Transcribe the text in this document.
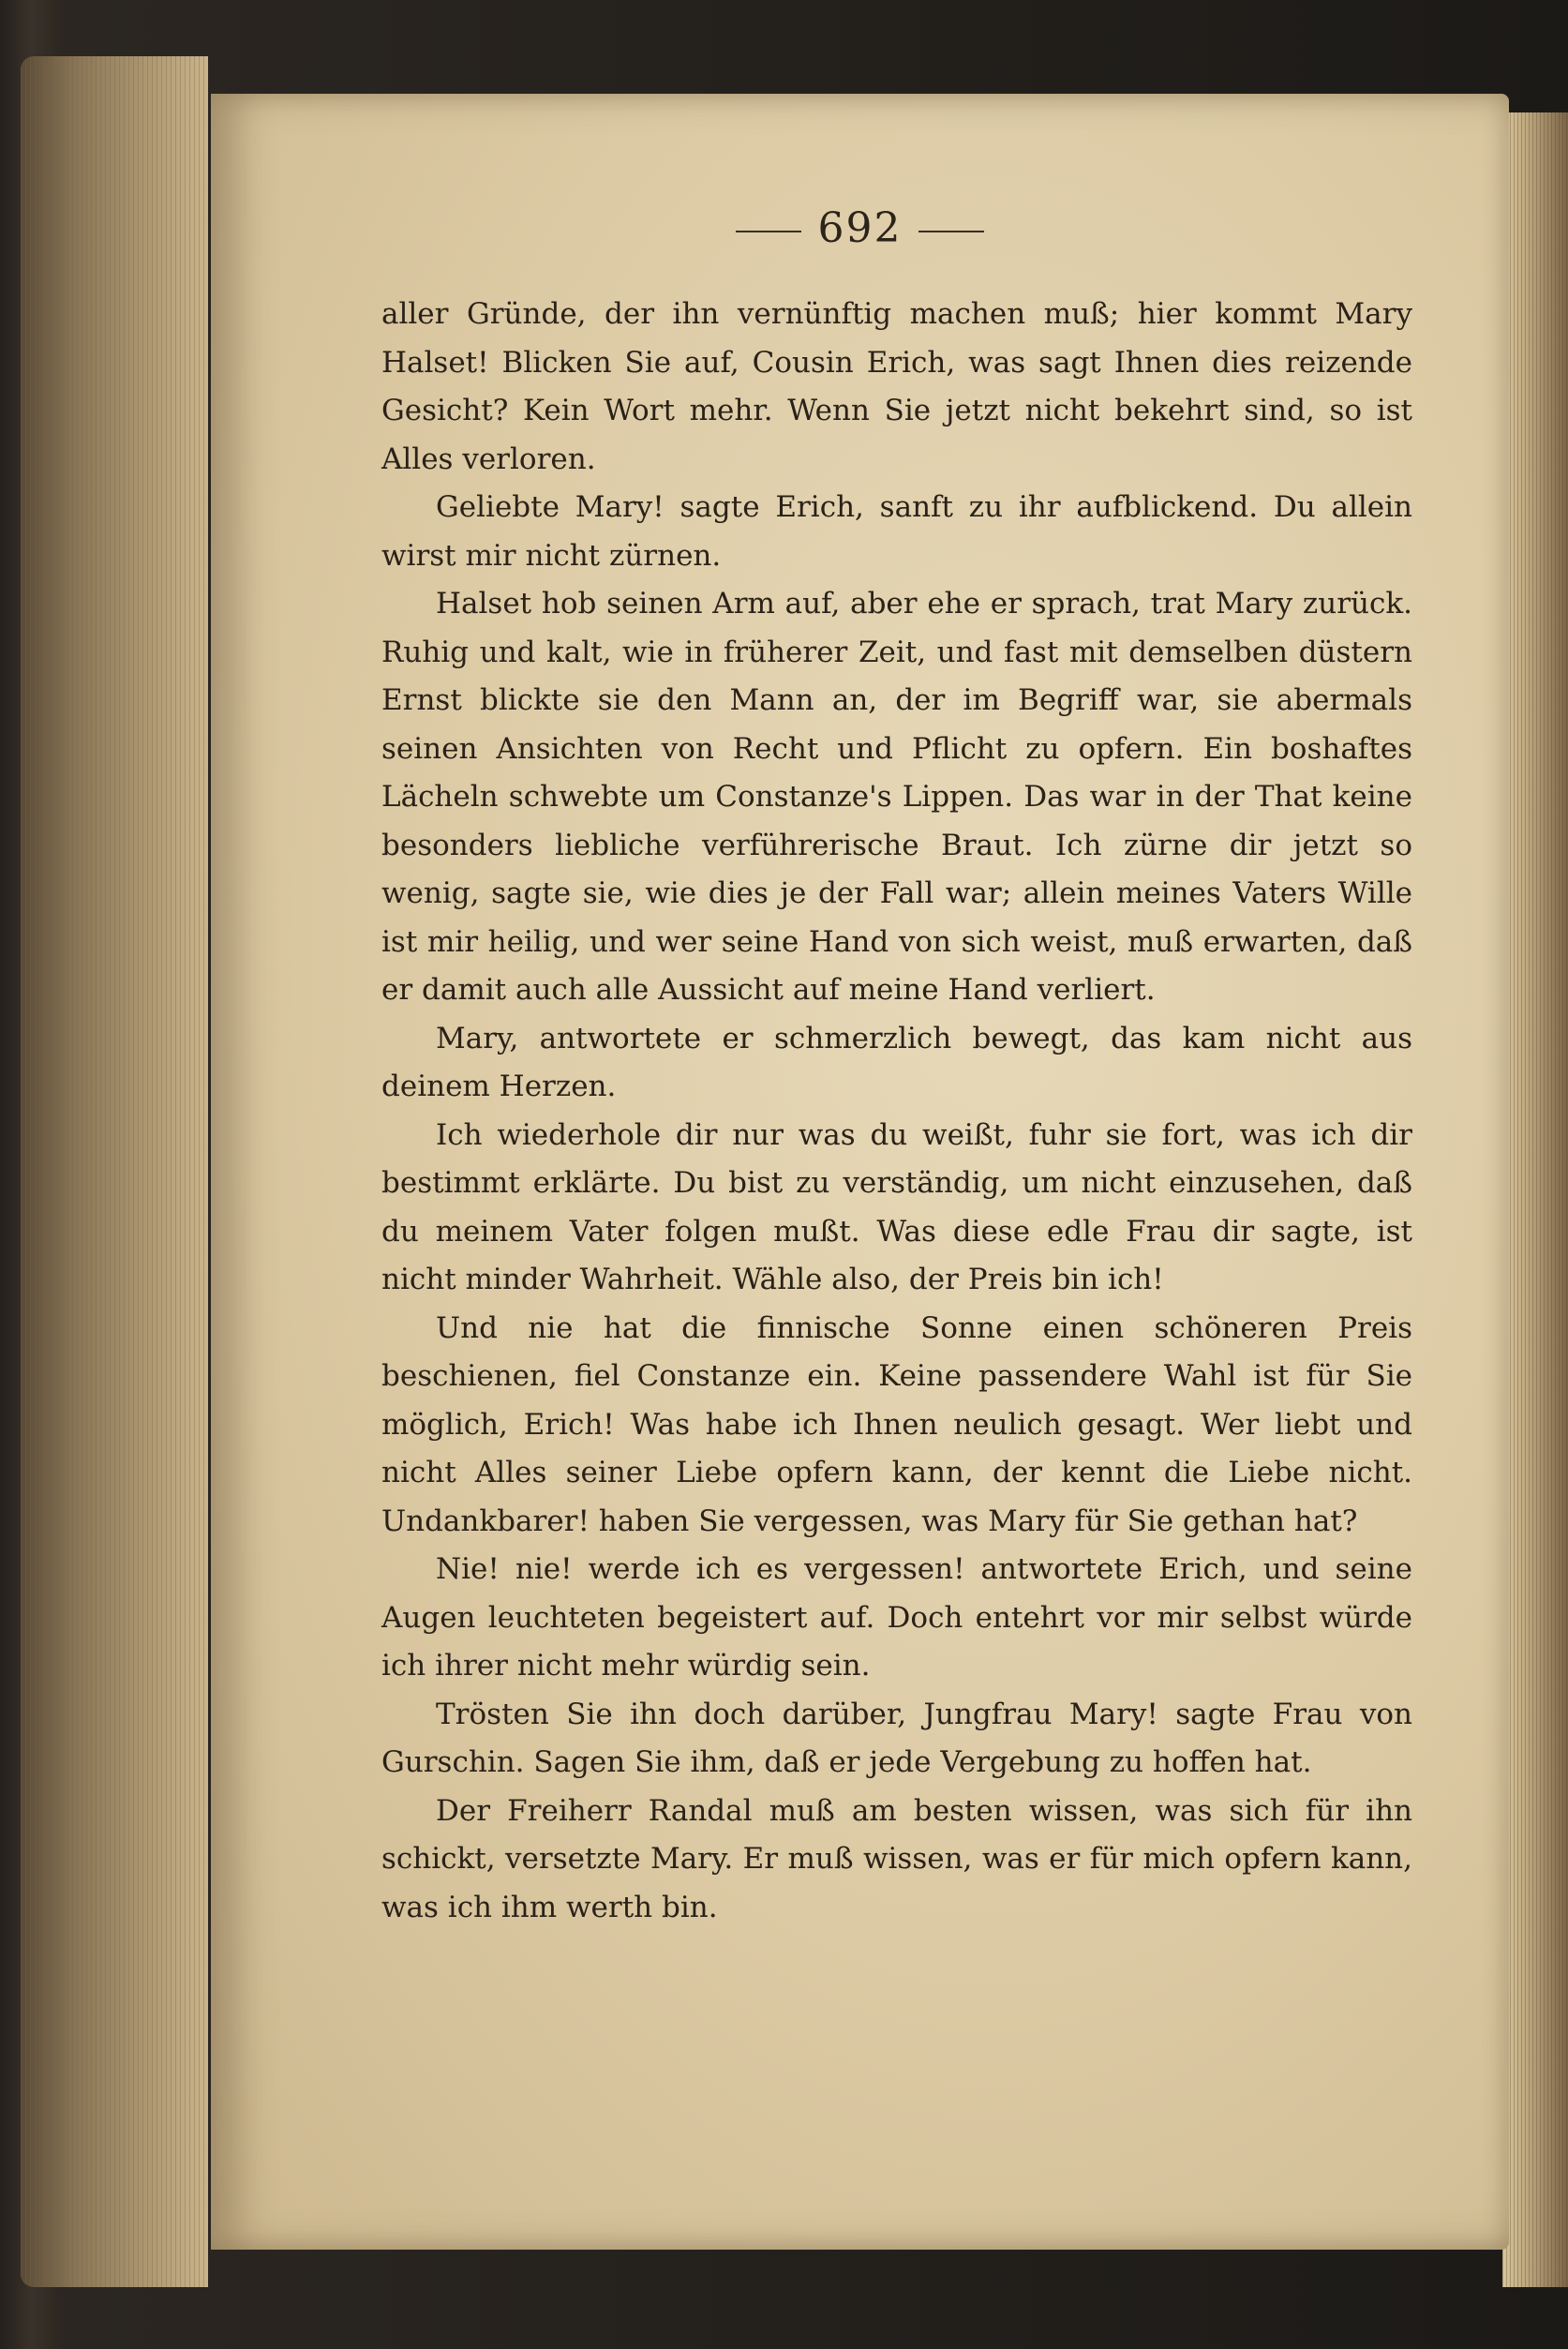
692

aller Gründe, der ihn vernünftig machen muß; hier kommt Mary Halset! Blicken Sie auf, Cousin Erich, was sagt Ihnen dies reizende Gesicht? Kein Wort mehr. Wenn Sie jetzt nicht bekehrt sind, so ist Alles verloren.

Geliebte Mary! sagte Erich, sanft zu ihr aufblickend. Du allein wirst mir nicht zürnen.

Halset hob seinen Arm auf, aber ehe er sprach, trat Mary zurück. Ruhig und kalt, wie in früherer Zeit, und fast mit demselben düstern Ernst blickte sie den Mann an, der im Begriff war, sie abermals seinen Ansichten von Recht und Pflicht zu opfern. Ein boshaftes Lächeln schwebte um Constanze's Lippen. Das war in der That keine besonders liebliche verführerische Braut. Ich zürne dir jetzt so wenig, sagte sie, wie dies je der Fall war; allein meines Vaters Wille ist mir heilig, und wer seine Hand von sich weist, muß erwarten, daß er damit auch alle Aussicht auf meine Hand verliert.

Mary, antwortete er schmerzlich bewegt, das kam nicht aus deinem Herzen.

Ich wiederhole dir nur was du weißt, fuhr sie fort, was ich dir bestimmt erklärte. Du bist zu verständig, um nicht einzusehen, daß du meinem Vater folgen mußt. Was diese edle Frau dir sagte, ist nicht minder Wahrheit. Wähle also, der Preis bin ich!

Und nie hat die finnische Sonne einen schöneren Preis beschienen, fiel Constanze ein. Keine passendere Wahl ist für Sie möglich, Erich! Was habe ich Ihnen neulich gesagt. Wer liebt und nicht Alles seiner Liebe opfern kann, der kennt die Liebe nicht. Undankbarer! haben Sie vergessen, was Mary für Sie gethan hat?

Nie! nie! werde ich es vergessen! antwortete Erich, und seine Augen leuchteten begeistert auf. Doch entehrt vor mir selbst würde ich ihrer nicht mehr würdig sein.

Trösten Sie ihn doch darüber, Jungfrau Mary! sagte Frau von Gurschin. Sagen Sie ihm, daß er jede Vergebung zu hoffen hat.

Der Freiherr Randal muß am besten wissen, was sich für ihn schickt, versetzte Mary. Er muß wissen, was er für mich opfern kann, was ich ihm werth bin.
